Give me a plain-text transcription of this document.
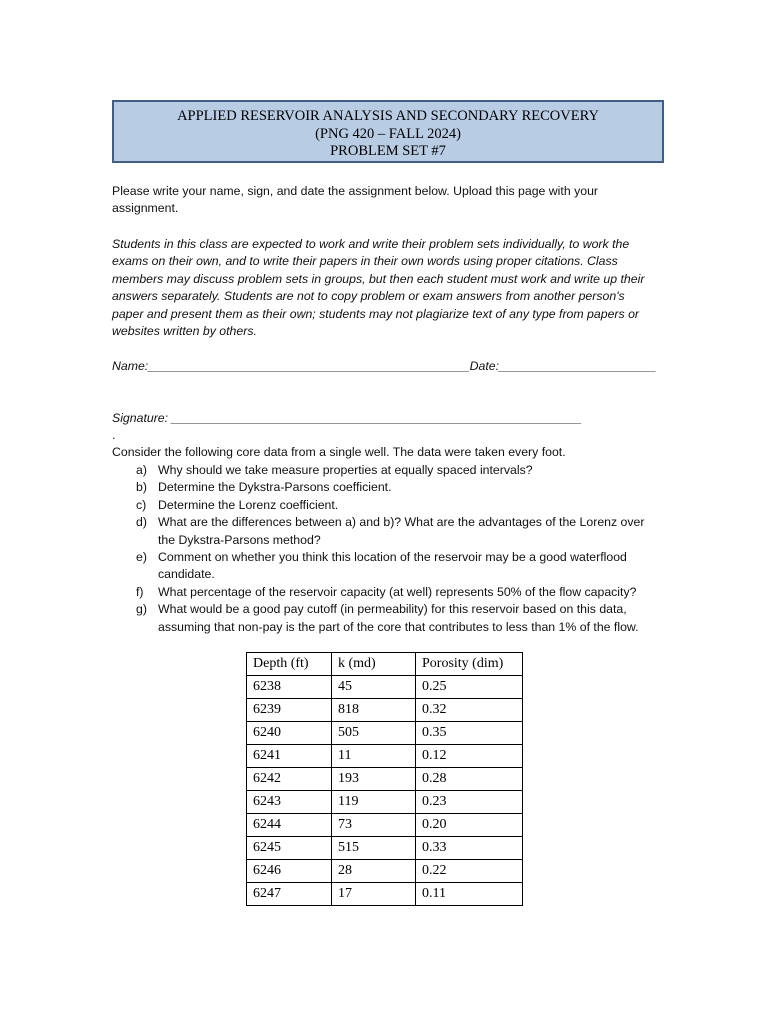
APPLIED RESERVOIR ANALYSIS AND SECONDARY RECOVERY
(PNG 420 – FALL 2024)
PROBLEM SET #7
Please write your name, sign, and date the assignment below. Upload this page with your assignment.
Students in this class are expected to work and write their problem sets individually, to work the exams on their own, and to write their papers in their own words using proper citations. Class members may discuss problem sets in groups, but then each student must work and write up their answers separately. Students are not to copy problem or exam answers from another person's paper and present them as their own; students may not plagiarize text of any type from papers or websites written by others.
Name:_______________________________________________Date:_______________________
Signature: ____________________________________________________________
.
Consider the following core data from a single well. The data were taken every foot.
a) Why should we take measure properties at equally spaced intervals?
b) Determine the Dykstra-Parsons coefficient.
c) Determine the Lorenz coefficient.
d) What are the differences between a) and b)? What are the advantages of the Lorenz over the Dykstra-Parsons method?
e) Comment on whether you think this location of the reservoir may be a good waterflood candidate.
f) What percentage of the reservoir capacity (at well) represents 50% of the flow capacity?
g) What would be a good pay cutoff (in permeability) for this reservoir based on this data, assuming that non-pay is the part of the core that contributes to less than 1% of the flow.
Depth (ft)	k (md)	Porosity (dim)
6238	45	0.25
6239	818	0.32
6240	505	0.35
6241	11	0.12
6242	193	0.28
6243	119	0.23
6244	73	0.20
6245	515	0.33
6246	28	0.22
6247	17	0.11
